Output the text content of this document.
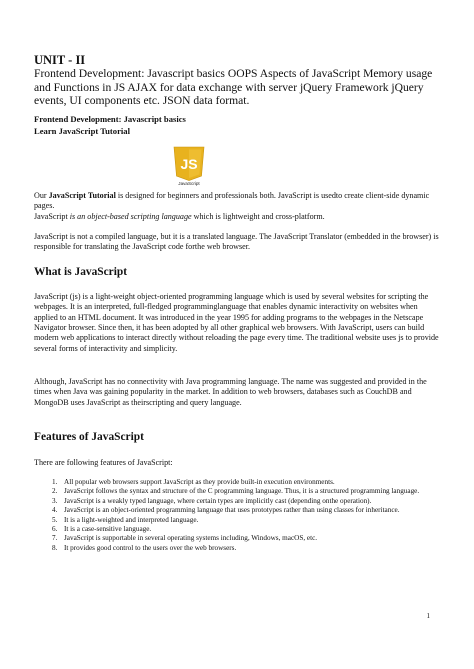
UNIT - II

Frontend Development: Javascript basics OOPS Aspects of JavaScript Memory usage and Functions in JS AJAX for data exchange with server jQuery Framework jQuery events, UI components etc. JSON data format.

Frontend Development: Javascript basics
Learn JavaScript Tutorial
JS
JavaScript
Our JavaScript Tutorial is designed for beginners and professionals both. JavaScript is usedto create client-side dynamic pages.
JavaScript is an object-based scripting language which is lightweight and cross-platform.

JavaScript is not a compiled language, but it is a translated language. The JavaScript Translator (embedded in the browser) is responsible for translating the JavaScript code forthe web browser.

What is JavaScript

JavaScript (js) is a light-weight object-oriented programming language which is used by several websites for scripting the webpages. It is an interpreted, full-fledged programminglanguage that enables dynamic interactivity on websites when applied to an HTML document. It was introduced in the year 1995 for adding programs to the webpages in the Netscape Navigator browser. Since then, it has been adopted by all other graphical web browsers. With JavaScript, users can build modern web applications to interact directly without reloading the page every time. The traditional website uses js to provide several forms of interactivity and simplicity.

Although, JavaScript has no connectivity with Java programming language. The name was suggested and provided in the times when Java was gaining popularity in the market. In addition to web browsers, databases such as CouchDB and MongoDB uses JavaScript as theirscripting and query language.

Features of JavaScript

There are following features of JavaScript:

1. All popular web browsers support JavaScript as they provide built-in execution environments.
2. JavaScript follows the syntax and structure of the C programming language. Thus, it is a structured programming language.
3. JavaScript is a weakly typed language, where certain types are implicitly cast (depending onthe operation).
4. JavaScript is an object-oriented programming language that uses prototypes rather than using classes for inheritance.
5. It is a light-weighted and interpreted language.
6. It is a case-sensitive language.
7. JavaScript is supportable in several operating systems including, Windows, macOS, etc.
8. It provides good control to the users over the web browsers.
1
